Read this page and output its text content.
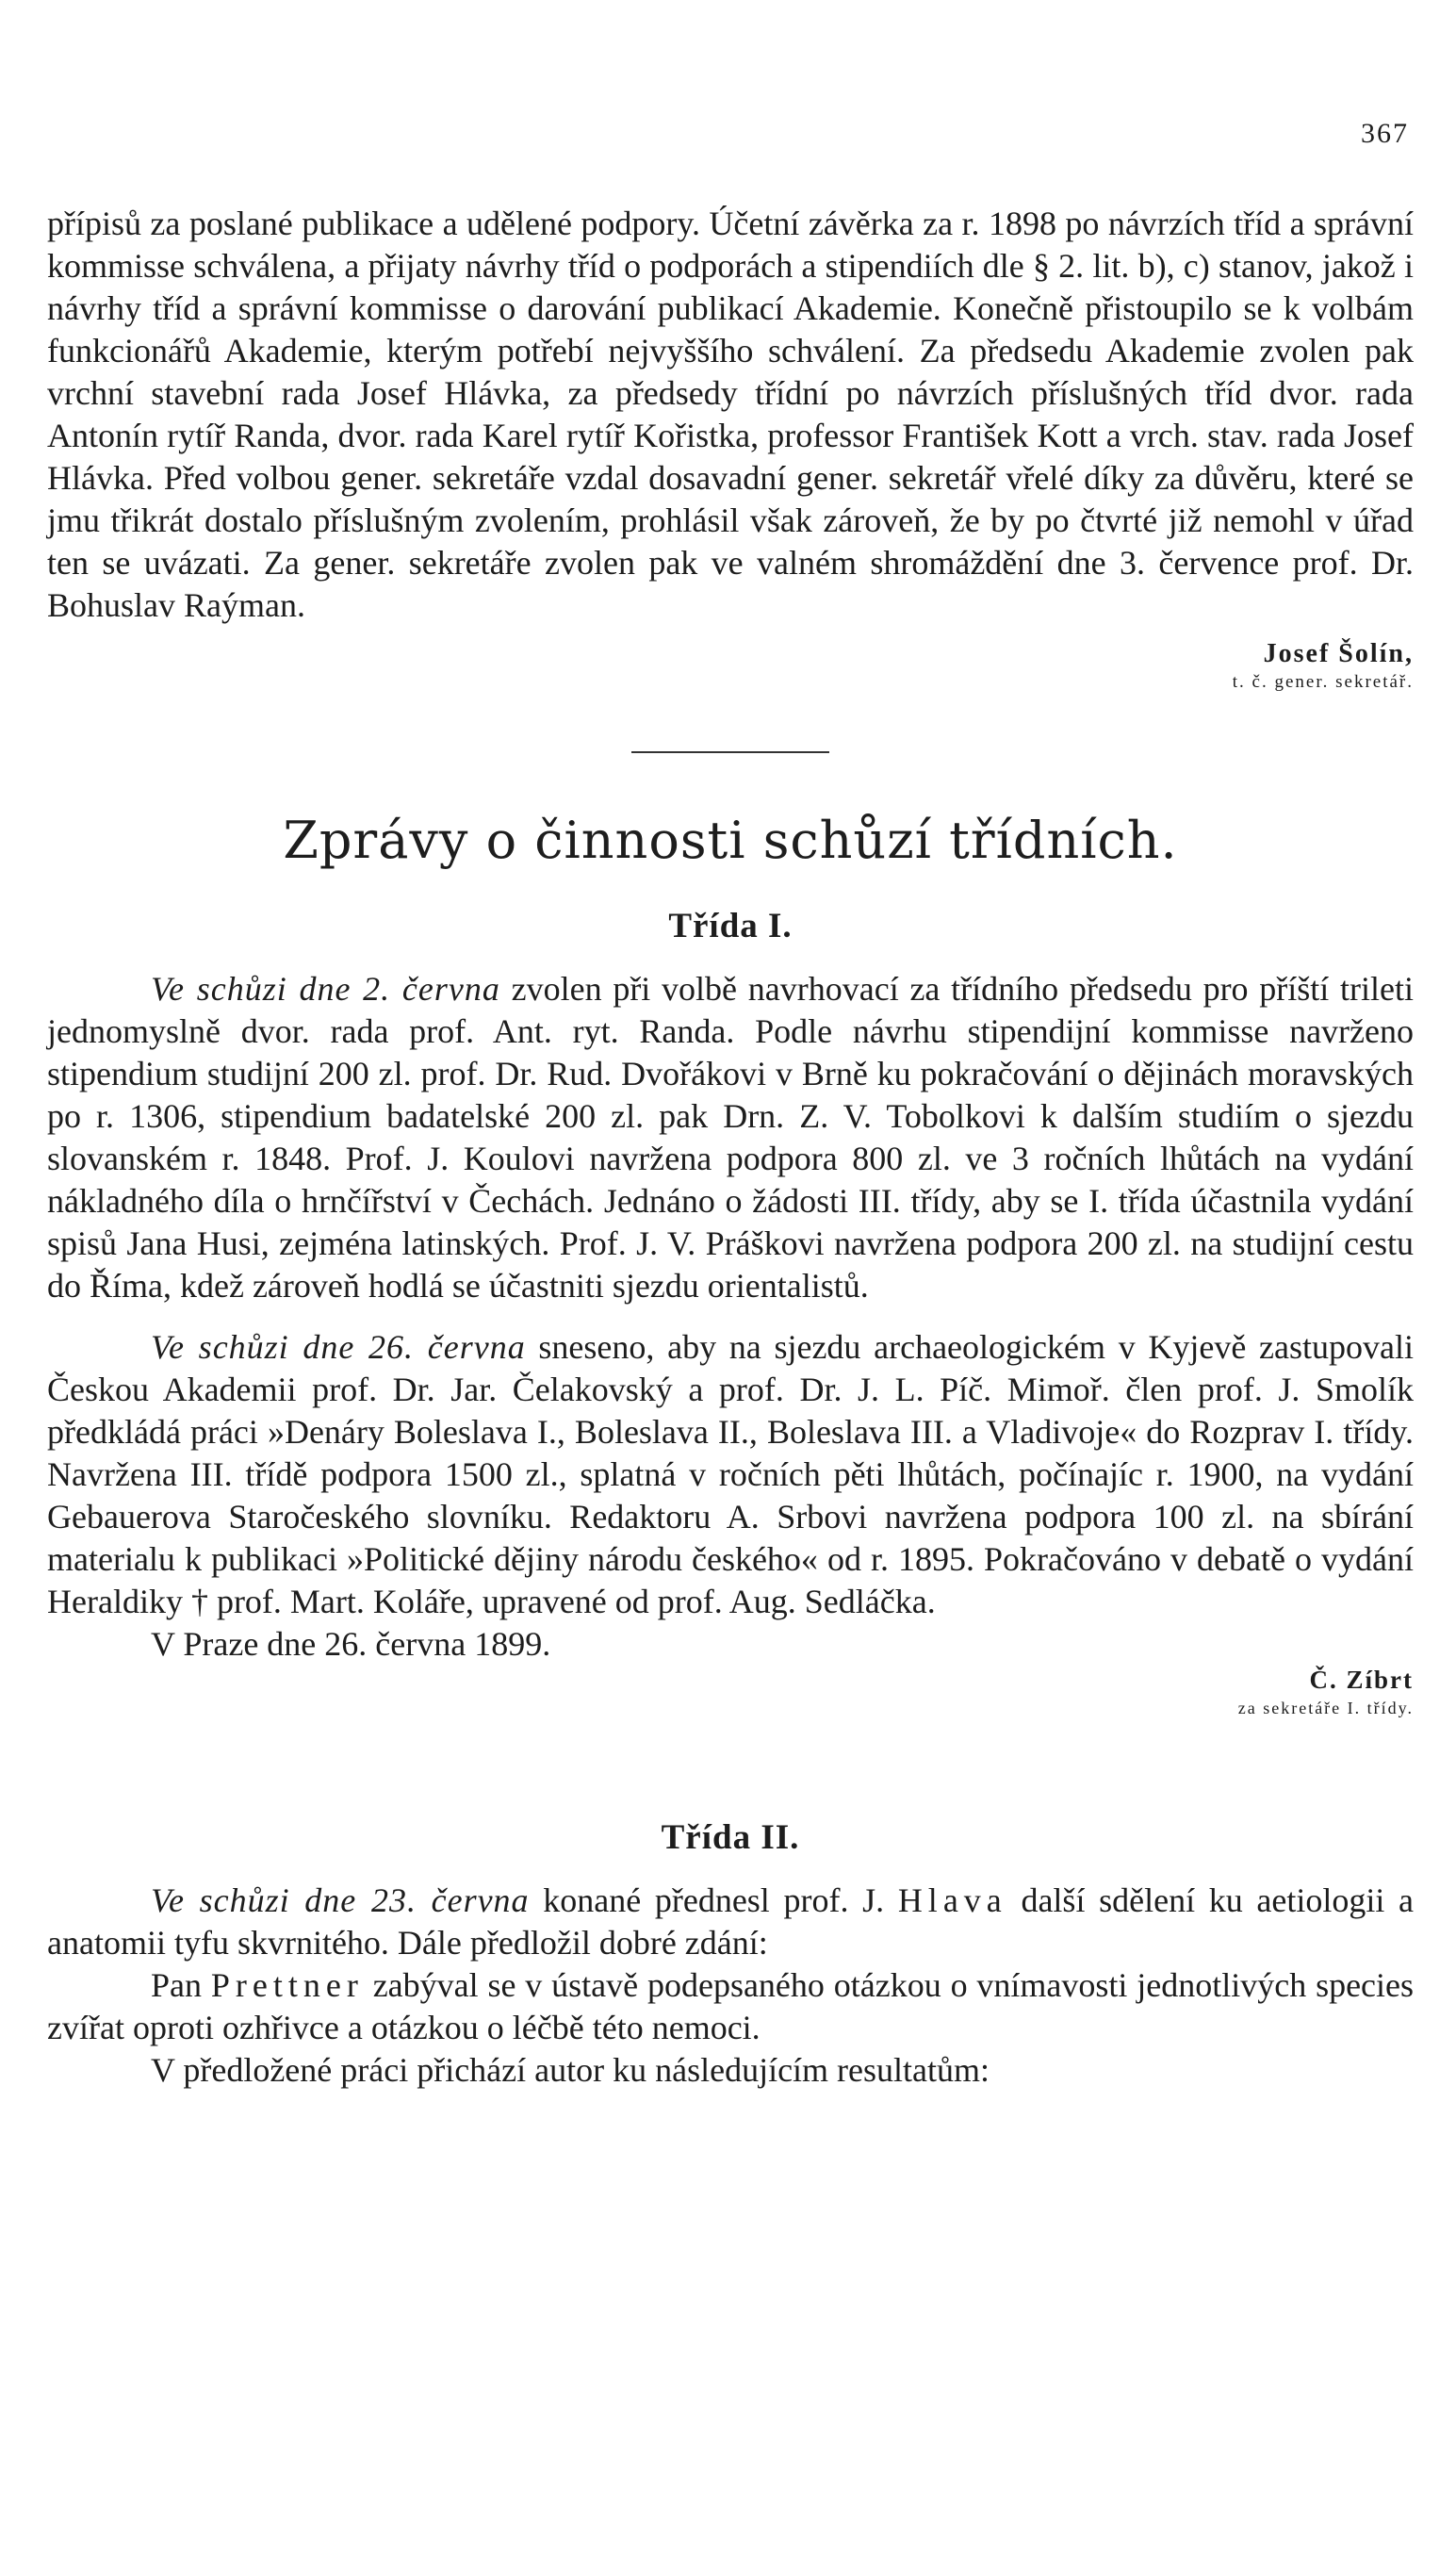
367

přípisů za poslané publikace a udělené podpory. Účetní závěrka za r. 1898 po návrzích tříd a správní kommisse schválena, a přijaty návrhy tříd o podporách a stipendiích dle § 2. lit. b), c) stanov, jakož i návrhy tříd a správní kommisse o darování publikací Akademie. Konečně přistoupilo se k volbám funkcionářů Akademie, kterým potřebí nejvyššího schválení. Za předsedu Akademie zvolen pak vrchní stavební rada Josef Hlávka, za předsedy třídní po návrzích příslušných tříd dvor. rada Antonín rytíř Randa, dvor. rada Karel rytíř Kořistka, professor František Kott a vrch. stav. rada Josef Hlávka. Před volbou gener. sekretáře vzdal dosavadní gener. sekretář vřelé díky za důvěru, které se jmu třikrát dostalo příslušným zvolením, prohlásil však zároveň, že by po čtvrté již nemohl v úřad ten se uvázati. Za gener. sekretáře zvolen pak ve valném shromáždění dne 3. července prof. Dr. Bohuslav Raýman.

Josef Šolín,
t. č. gener. sekretář.
Zprávy o činnosti schůzí třídních.
Třída I.

Ve schůzi dne 2. června zvolen při volbě navrhovací za třídního předsedu pro příští trileti jednomyslně dvor. rada prof. Ant. ryt. Randa. Podle návrhu stipendijní kommisse navrženo stipendium studijní 200 zl. prof. Dr. Rud. Dvořákovi v Brně ku pokračování o dějinách moravských po r. 1306, stipendium badatelské 200 zl. pak Drn. Z. V. Tobolkovi k dalším studiím o sjezdu slovanském r. 1848. Prof. J. Koulovi navržena podpora 800 zl. ve 3 ročních lhůtách na vydání nákladného díla o hrnčířství v Čechách. Jednáno o žádosti III. třídy, aby se I. třída účastnila vydání spisů Jana Husi, zejména latinských. Prof. J. V. Práškovi navržena podpora 200 zl. na studijní cestu do Říma, kdež zároveň hodlá se účastniti sjezdu orientalistů.

Ve schůzi dne 26. června sneseno, aby na sjezdu archaeologickém v Kyjevě zastupovali Českou Akademii prof. Dr. Jar. Čelakovský a prof. Dr. J. L. Píč. Mimoř. člen prof. J. Smolík předkládá práci »Denáry Boleslava I., Boleslava II., Boleslava III. a Vladivoje« do Rozprav I. třídy. Navržena III. třídě podpora 1500 zl., splatná v ročních pěti lhůtách, počínajíc r. 1900, na vydání Gebauerova Staročeského slovníku. Redaktoru A. Srbovi navržena podpora 100 zl. na sbírání materialu k publikaci »Politické dějiny národu českého« od r. 1895. Pokračováno v debatě o vydání Heraldiky † prof. Mart. Koláře, upravené od prof. Aug. Sedláčka.

V Praze dne 26. června 1899.

Č. Zíbrt
za sekretáře I. třídy.
Třída II.

Ve schůzi dne 23. června konané přednesl prof. J. Hlava další sdělení ku aetiologii a anatomii tyfu skvrnitého. Dále předložil dobré zdání:

Pan Prettner zabýval se v ústavě podepsaného otázkou o vnímavosti jednotlivých species zvířat oproti ozhřivce a otázkou o léčbě této nemoci.

V předložené práci přichází autor ku následujícím resultatům:
